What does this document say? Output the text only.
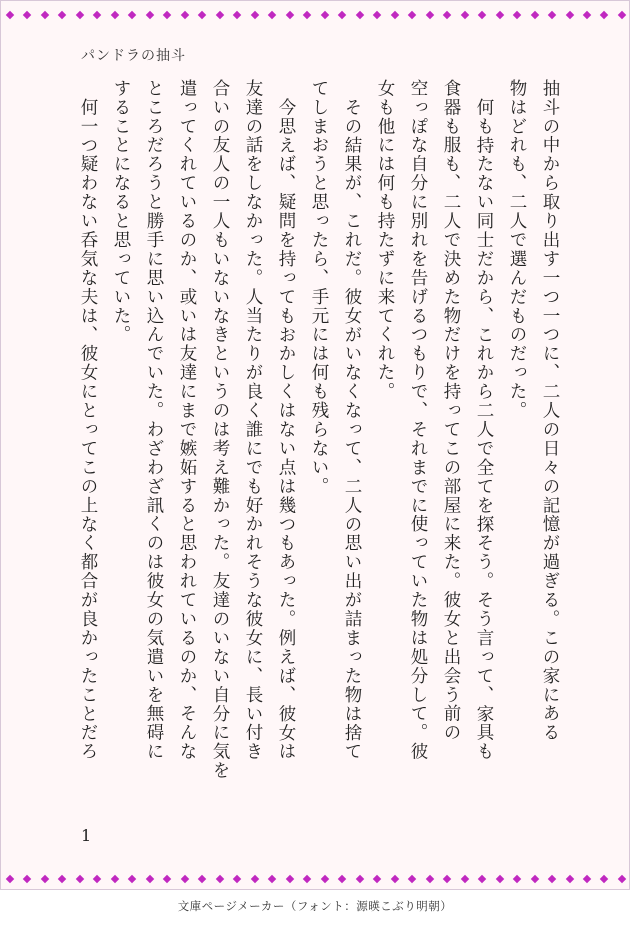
パンドラの抽斗
抽斗の中から取り出す一つ一つに、二人の日々の記憶が過ぎる。この家にある
物はどれも、二人で選んだものだった。
何も持たない同士だから、これから二人で全てを探そう。そう言って、家具も
食器も服も、二人で決めた物だけを持ってこの部屋に来た。彼女と出会う前の
空っぽな自分に別れを告げるつもりで、それまでに使っていた物は処分して。彼
女も他には何も持たずに来てくれた。
その結果が、これだ。彼女がいなくなって、二人の思い出が詰まった物は捨て
てしまおうと思ったら、手元には何も残らない。
今思えば、疑問を持ってもおかしくはない点は幾つもあった。例えば、彼女は
友達の話をしなかった。人当たりが良く誰にでも好かれそうな彼女に、長い付き
合いの友人の一人もいないなきというのは考え難かった。友達のいない自分に気を
遣ってくれているのか、或いは友達にまで嫉妬すると思われているのか、そんな
ところだろうと勝手に思い込んでいた。わざわざ訊くのは彼女の気遣いを無碍に
することになると思っていた。
何一つ疑わない呑気な夫は、彼女にとってこの上なく都合が良かったことだろ
1
文庫ページメーカー（フォント：源暎こぶり明朝）
